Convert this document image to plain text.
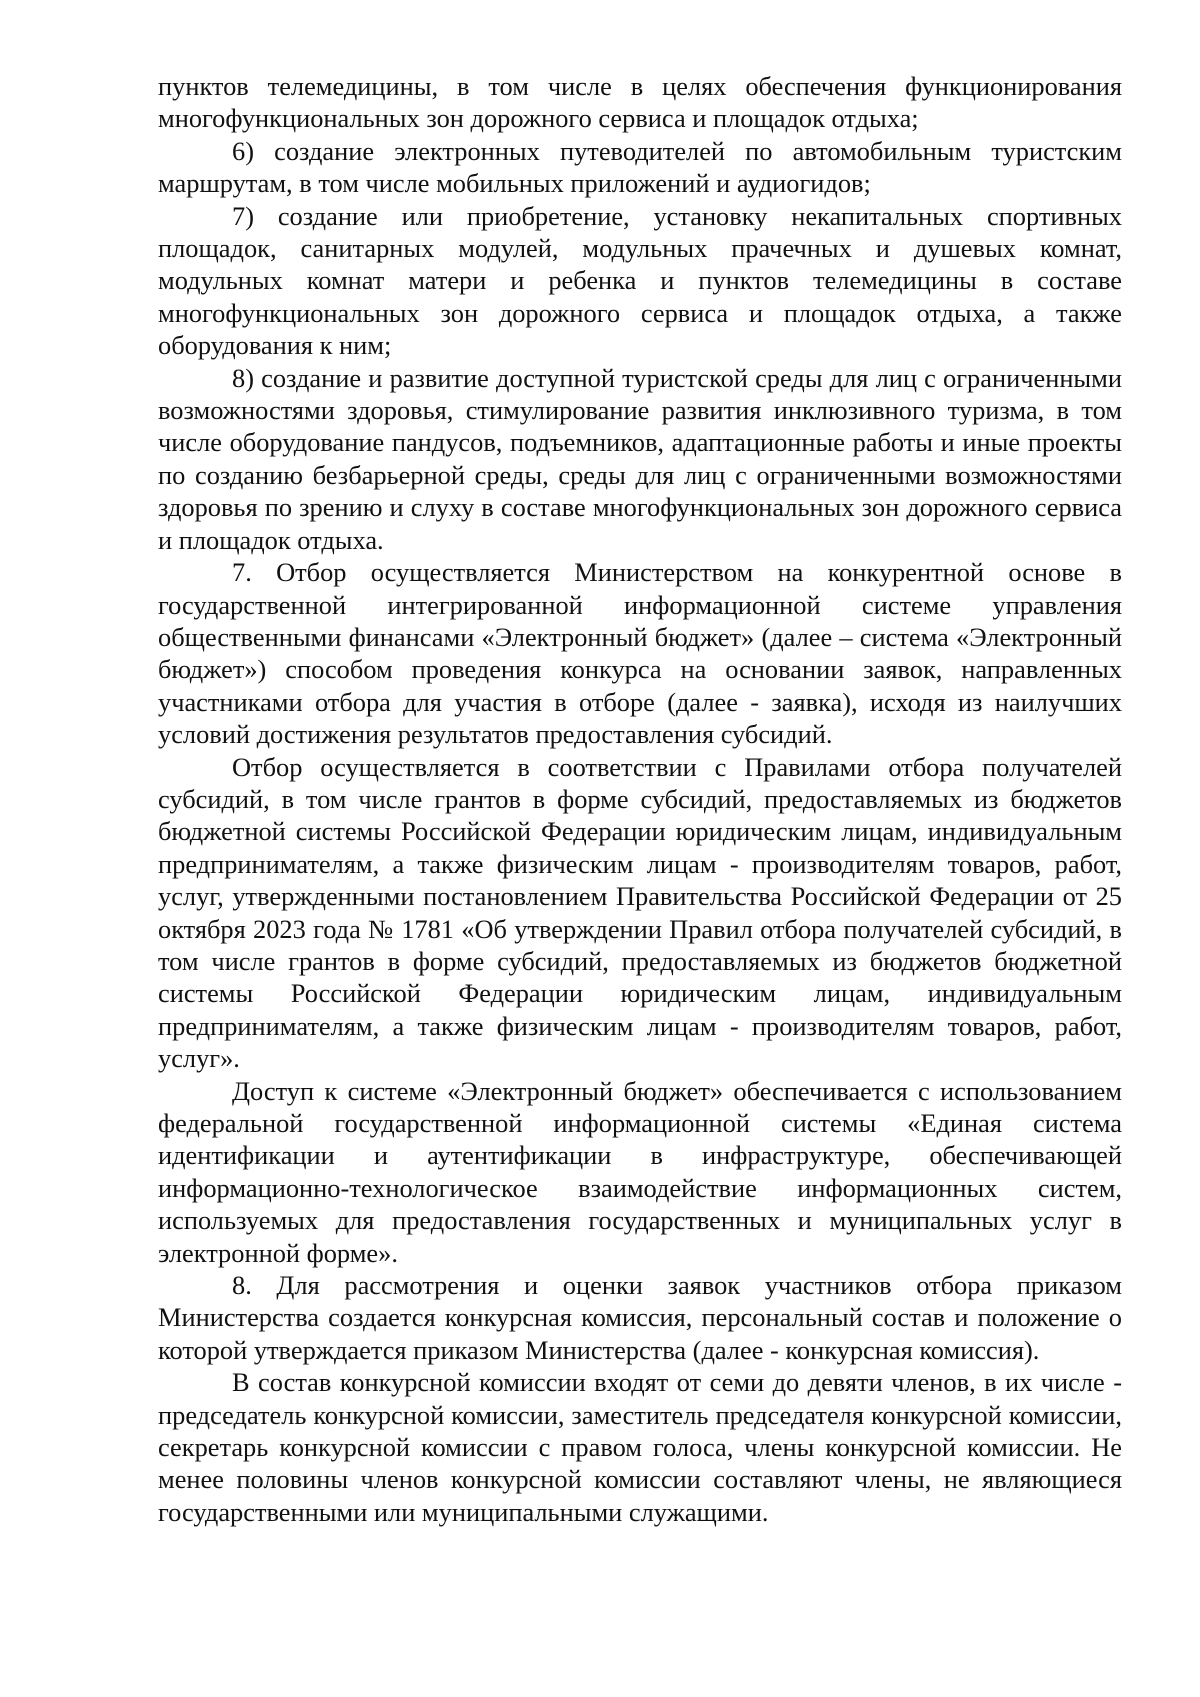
пунктов телемедицины, в том числе в целях обеспечения функционирования многофункциональных зон дорожного сервиса и площадок отдыха;

6) создание электронных путеводителей по автомобильным туристским маршрутам, в том числе мобильных приложений и аудиогидов;

7) создание или приобретение, установку некапитальных спортивных площадок, санитарных модулей, модульных прачечных и душевых комнат, модульных комнат матери и ребенка и пунктов телемедицины в составе многофункциональных зон дорожного сервиса и площадок отдыха, а также оборудования к ним;

8) создание и развитие доступной туристской среды для лиц с ограниченными возможностями здоровья, стимулирование развития инклюзивного туризма, в том числе оборудование пандусов, подъемников, адаптационные работы и иные проекты по созданию безбарьерной среды, среды для лиц с ограниченными возможностями здоровья по зрению и слуху в составе многофункциональных зон дорожного сервиса и площадок отдыха.

7. Отбор осуществляется Министерством на конкурентной основе в государственной интегрированной информационной системе управления общественными финансами «Электронный бюджет» (далее – система «Электронный бюджет») способом проведения конкурса на основании заявок, направленных участниками отбора для участия в отборе (далее - заявка), исходя из наилучших условий достижения результатов предоставления субсидий.

Отбор осуществляется в соответствии с Правилами отбора получателей субсидий, в том числе грантов в форме субсидий, предоставляемых из бюджетов бюджетной системы Российской Федерации юридическим лицам, индивидуальным предпринимателям, а также физическим лицам - производителям товаров, работ, услуг, утвержденными постановлением Правительства Российской Федерации от 25 октября 2023 года № 1781 «Об утверждении Правил отбора получателей субсидий, в том числе грантов в форме субсидий, предоставляемых из бюджетов бюджетной системы Российской Федерации юридическим лицам, индивидуальным предпринимателям, а также физическим лицам - производителям товаров, работ, услуг».

Доступ к системе «Электронный бюджет» обеспечивается с использованием федеральной государственной информационной системы «Единая система идентификации и аутентификации в инфраструктуре, обеспечивающей информационно-технологическое взаимодействие информационных систем, используемых для предоставления государственных и муниципальных услуг в электронной форме».

8. Для рассмотрения и оценки заявок участников отбора приказом Министерства создается конкурсная комиссия, персональный состав и положение о которой утверждается приказом Министерства (далее - конкурсная комиссия).

В состав конкурсной комиссии входят от семи до девяти членов, в их числе - председатель конкурсной комиссии, заместитель председателя конкурсной комиссии, секретарь конкурсной комиссии с правом голоса, члены конкурсной комиссии. Не менее половины членов конкурсной комиссии составляют члены, не являющиеся государственными или муниципальными служащими.
